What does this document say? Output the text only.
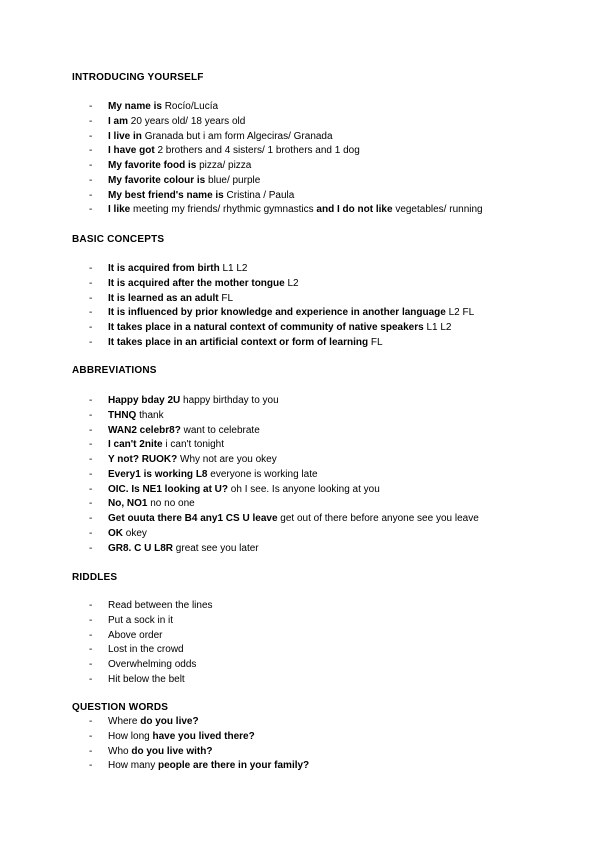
INTRODUCING YOURSELF
- My name is Rocío/Lucía
- I am 20 years old/ 18 years old
- I live in Granada but i am form Algeciras/ Granada
- I have got 2 brothers and 4 sisters/ 1 brothers and 1 dog
- My favorite food is pizza/ pizza
- My favorite colour is blue/ purple
- My best friend's name is Cristina / Paula
- I like meeting my friends/ rhythmic gymnastics and I do not like vegetables/ running
BASIC CONCEPTS
- It is acquired from birth L1 L2
- It is acquired after the mother tongue L2
- It is learned as an adult FL
- It is influenced by prior knowledge and experience in another language L2 FL
- It takes place in a natural context of community of native speakers L1 L2
- It takes place in an artificial context or form of learning FL
ABBREVIATIONS
- Happy bday 2U happy birthday to you
- THNQ thank
- WAN2 celebr8? want to celebrate
- I can't 2nite i can't tonight
- Y not? RUOK? Why not are you okey
- Every1 is working L8 everyone is working late
- OIC. Is NE1 looking at U? oh I see. Is anyone looking at you
- No, NO1 no no one
- Get ouuta there B4 any1 CS U leave get out of there before anyone see you leave
- OK okey
- GR8. C U L8R great see you later
RIDDLES
- Read between the lines
- Put a sock in it
- Above order
- Lost in the crowd
- Overwhelming odds
- Hit below the belt
QUESTION WORDS
- Where do you live?
- How long have you lived there?
- Who do you live with?
- How many people are there in your family?
